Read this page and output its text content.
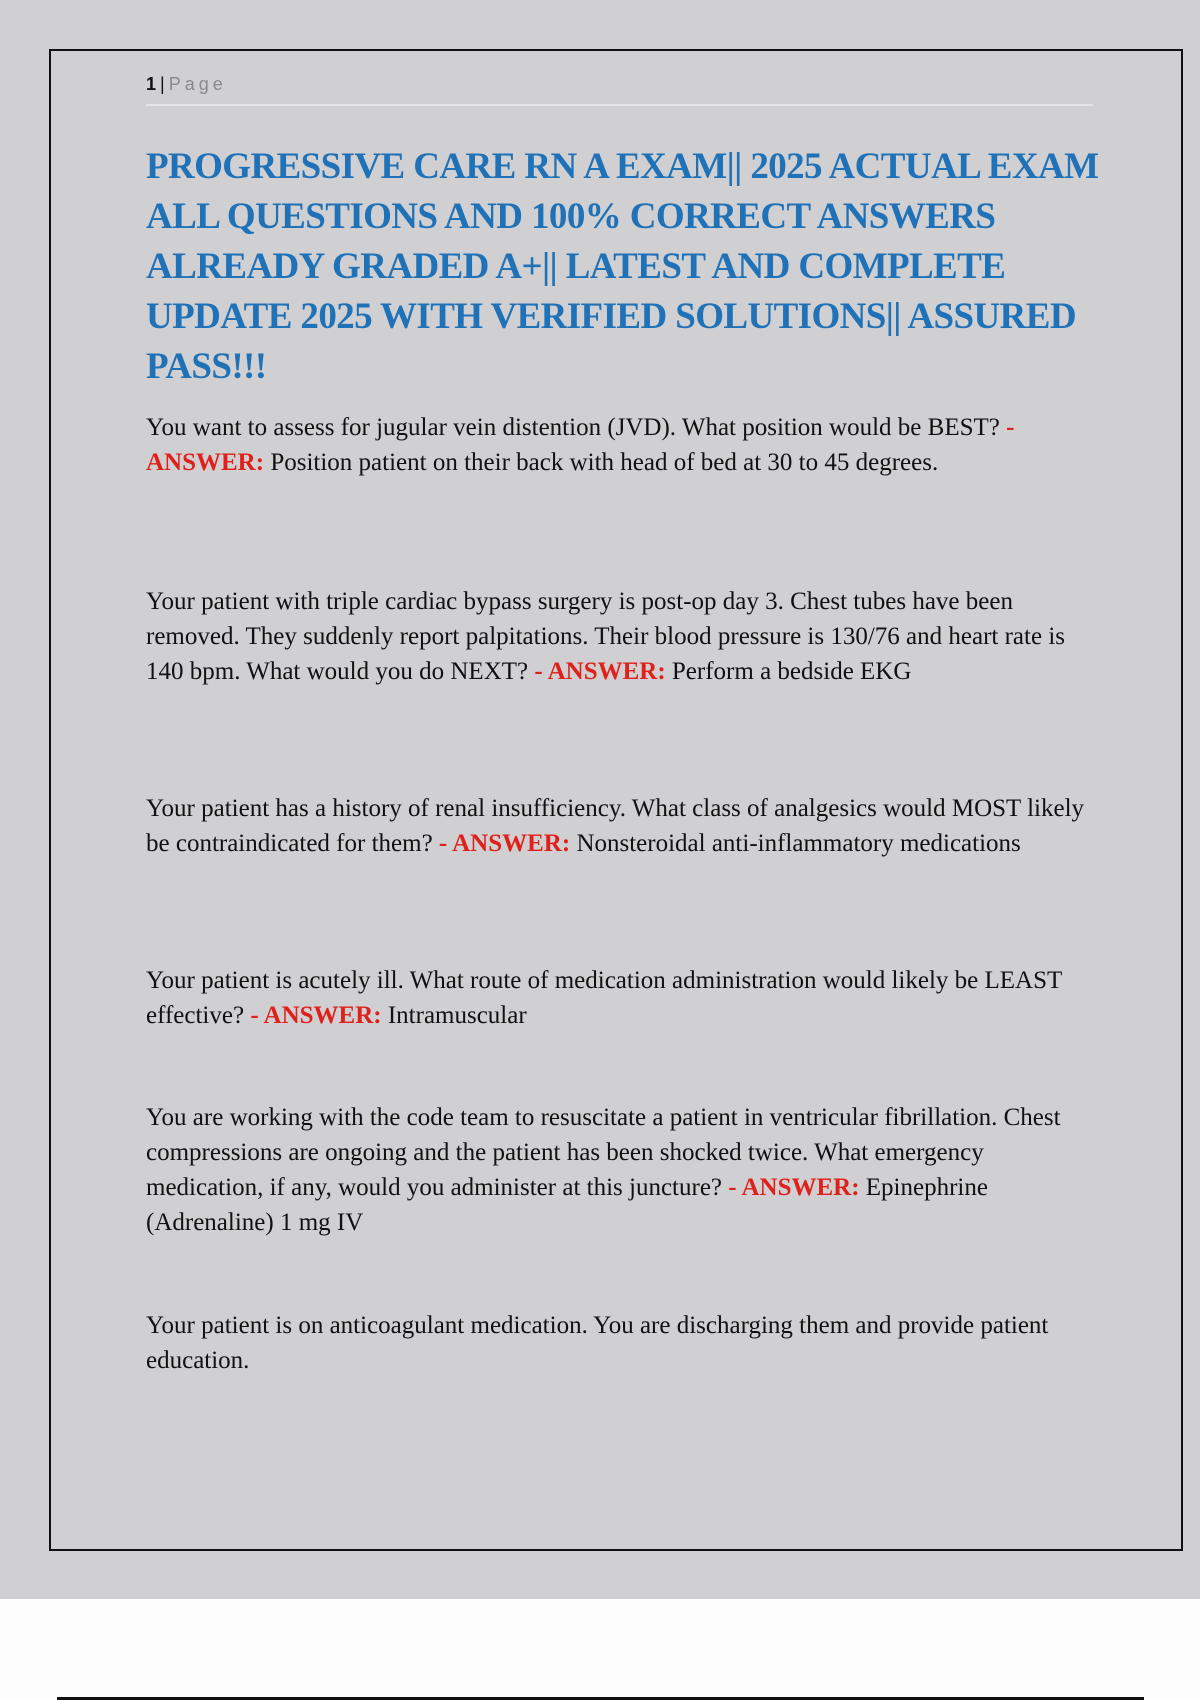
1 | Page
PROGRESSIVE CARE RN A EXAM|| 2025 ACTUAL EXAM ALL QUESTIONS AND 100% CORRECT ANSWERS ALREADY GRADED A+|| LATEST AND COMPLETE UPDATE 2025 WITH VERIFIED SOLUTIONS|| ASSURED PASS!!!
You want to assess for jugular vein distention (JVD). What position would be BEST? - ANSWER: Position patient on their back with head of bed at 30 to 45 degrees.
Your patient with triple cardiac bypass surgery is post-op day 3. Chest tubes have been removed. They suddenly report palpitations. Their blood pressure is 130/76 and heart rate is 140 bpm. What would you do NEXT? - ANSWER: Perform a bedside EKG
Your patient has a history of renal insufficiency. What class of analgesics would MOST likely be contraindicated for them? - ANSWER: Nonsteroidal anti-inflammatory medications
Your patient is acutely ill. What route of medication administration would likely be LEAST effective? - ANSWER: Intramuscular
You are working with the code team to resuscitate a patient in ventricular fibrillation. Chest compressions are ongoing and the patient has been shocked twice. What emergency medication, if any, would you administer at this juncture? - ANSWER: Epinephrine (Adrenaline) 1 mg IV
Your patient is on anticoagulant medication. You are discharging them and provide patient education.
